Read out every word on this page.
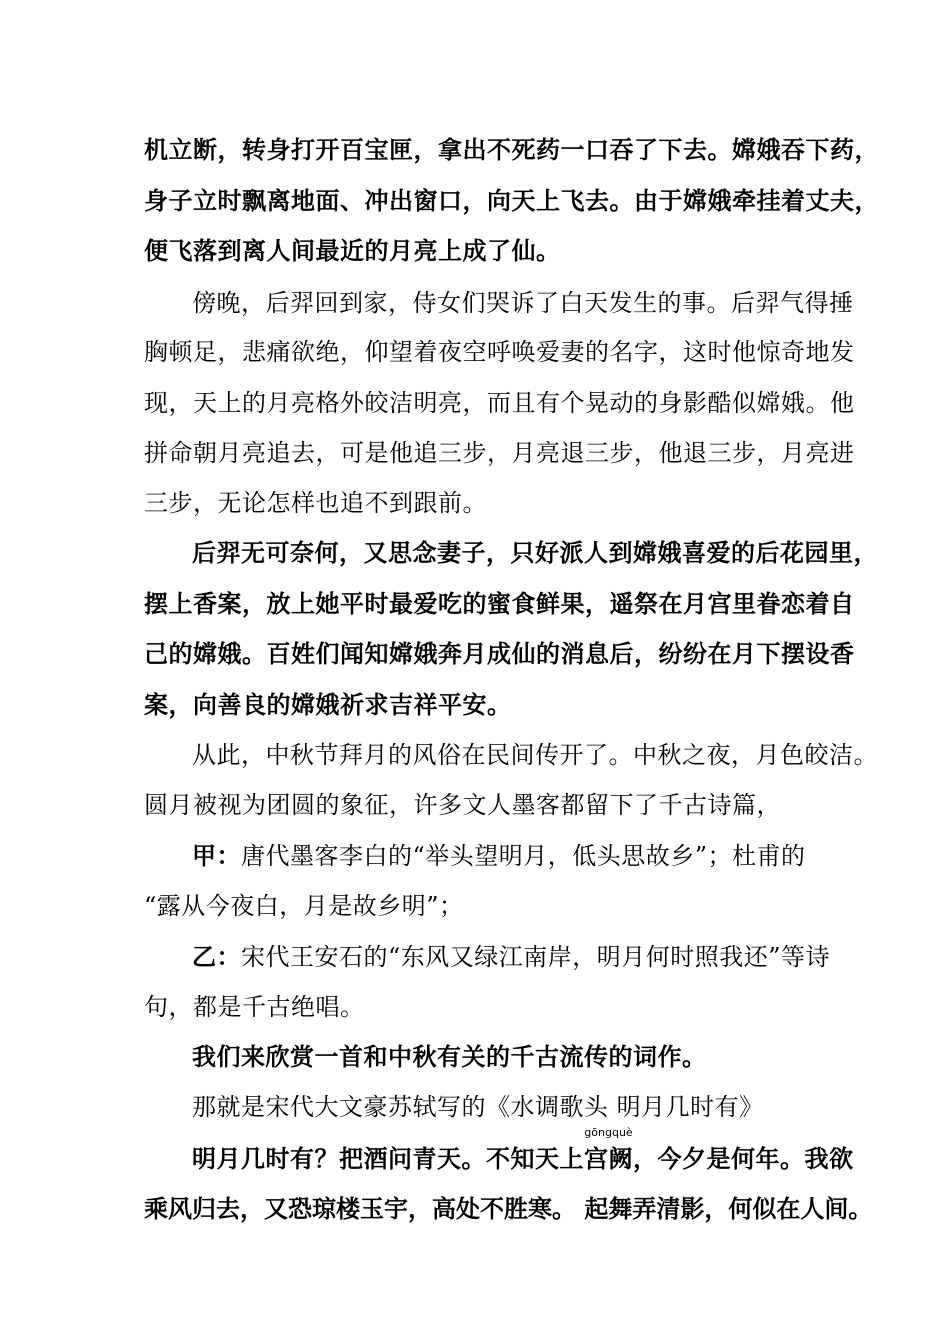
机立断，转身打开百宝匣，拿出不死药一口吞了下去。嫦娥吞下药，
身子立时飘离地面、冲出窗口，向天上飞去。由于嫦娥牵挂着丈夫，
便飞落到离人间最近的月亮上成了仙。
傍晚，后羿回到家，侍女们哭诉了白天发生的事。后羿气得捶
胸顿足，悲痛欲绝，仰望着夜空呼唤爱妻的名字，这时他惊奇地发
现，天上的月亮格外皎洁明亮，而且有个晃动的身影酷似嫦娥。他
拼命朝月亮追去，可是他追三步，月亮退三步，他退三步，月亮进
三步，无论怎样也追不到跟前。
后羿无可奈何，又思念妻子，只好派人到嫦娥喜爱的后花园里，
摆上香案，放上她平时最爱吃的蜜食鲜果，遥祭在月宫里眷恋着自
己的嫦娥。百姓们闻知嫦娥奔月成仙的消息后，纷纷在月下摆设香
案，向善良的嫦娥祈求吉祥平安。
从此，中秋节拜月的风俗在民间传开了。中秋之夜，月色皎洁。
圆月被视为团圆的象征，许多文人墨客都留下了千古诗篇，
甲：唐代墨客李白的“举头望明月，低头思故乡”；杜甫的
“露从今夜白，月是故乡明”；
乙：宋代王安石的“东风又绿江南岸，明月何时照我还”等诗
句，都是千古绝唱。
我们来欣赏一首和中秋有关的千古流传的词作。
那就是宋代大文豪苏轼写的《水调歌头 明月几时有》
明月几时有？把酒问青天。不知天上
gōngquè
宫阙，今夕是何年。我欲
乘风归去，又恐琼楼玉宇，高处不胜寒。 起舞弄清影，何似在人间。
